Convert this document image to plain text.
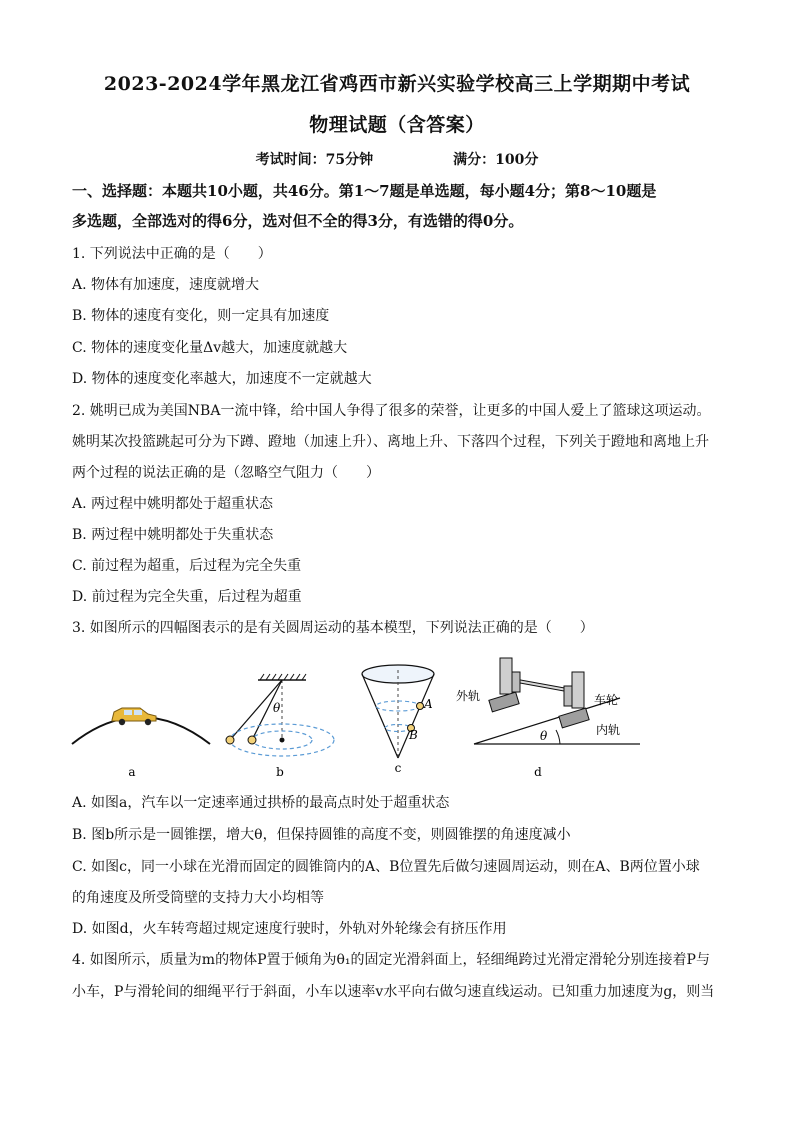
2023-2024学年黑龙江省鸡西市新兴实验学校高三上学期期中考试
物理试题（含答案）
考试时间：75分钟	满分：100分
一、选择题：本题共10小题，共46分。第1～7题是单选题，每小题4分；第8～10题是
多选题，全部选对的得6分，选对但不全的得3分，有选错的得0分。
1. 下列说法中正确的是（　　）
A. 物体有加速度，速度就增大
B. 物体的速度有变化，则一定具有加速度
C. 物体的速度变化量Δv越大，加速度就越大
D. 物体的速度变化率越大，加速度不一定就越大
2. 姚明已成为美国NBA一流中锋，给中国人争得了很多的荣誉，让更多的中国人爱上了篮球这项运动。
姚明某次投篮跳起可分为下蹲、蹬地（加速上升）、离地上升、下落四个过程，下列关于蹬地和离地上升
两个过程的说法正确的是（忽略空气阻力（　　）
A. 两过程中姚明都处于超重状态
B. 两过程中姚明都处于失重状态
C. 前过程为超重，后过程为完全失重
D. 前过程为完全失重，后过程为超重
3. 如图所示的四幅图表示的是有关圆周运动的基本模型，下列说法正确的是（　　）
a
θ
b
A
B
c
θ
外轨	车轮
内轨
d
A. 如图a，汽车以一定速率通过拱桥的最高点时处于超重状态
B. 图b所示是一圆锥摆，增大θ，但保持圆锥的高度不变，则圆锥摆的角速度减小
C. 如图c，同一小球在光滑而固定的圆锥筒内的A、B位置先后做匀速圆周运动，则在A、B两位置小球
的角速度及所受筒壁的支持力大小均相等
D. 如图d，火车转弯超过规定速度行驶时，外轨对外轮缘会有挤压作用
4. 如图所示，质量为m的物体P置于倾角为θ₁的固定光滑斜面上，轻细绳跨过光滑定滑轮分别连接着P与
小车，P与滑轮间的细绳平行于斜面，小车以速率v水平向右做匀速直线运动。已知重力加速度为g，则当
